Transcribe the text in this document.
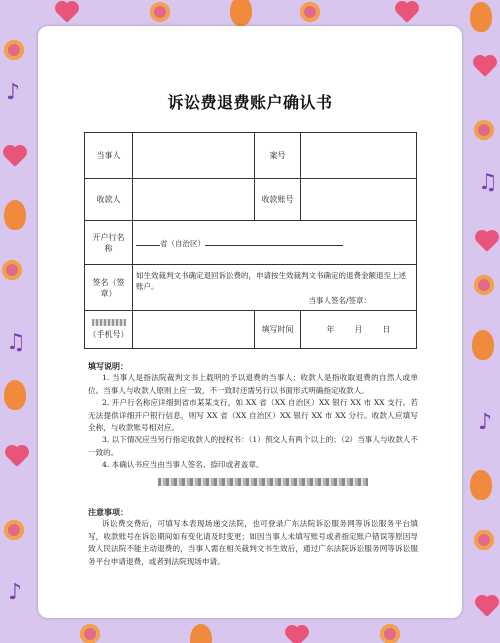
♪
♫
♪
♫
♪
诉讼费退费账户确认书
当事人		案号	
收款人		收款账号	
开户行名 称	省（自治区）		
签名（签章）	如生效裁判文书确定退回诉讼费的，申请按生效裁判文书确定的退费金额退至上述账户。
当事人签名/签章：		

（手机号）		填写时间	年 月 日
填写说明：

1. 当事人是指法院裁判文书上载明的予以退费的当事人；收款人是指收取退费的自然人或单位。当事人与收款人原则上应一致，不一致时还需另行以书面形式明确指定收款人。

2. 开户行名称应详细到省市某某支行，如 XX 省（XX 自治区）XX 银行 XX 市 XX 支行。若无法提供详细开户银行信息，则写 XX 省（XX 自治区）XX 银行 XX 市 XX 分行。收款人应填写全称，与收款账号相对应。

3. 以下情况应当另行指定收款人的授权书：（1）预交人有两个以上的；（2）当事人与收款人不一致的。

4. 本确认书应当由当事人签名、捺印或者盖章。

注意事项：

诉讼费交费后，可填写本表现场递交法院，也可登录广东法院诉讼服务网等诉讼服务平台填写，收款账号在诉讼期间如有变化请及时变更；如因当事人未填写账号或者指定账户错误等原因导致人民法院不能主动退费的，当事人需在相关裁判文书生效后，通过广东法院诉讼服务网等诉讼服务平台申请退费，或者到法院现场申请。
